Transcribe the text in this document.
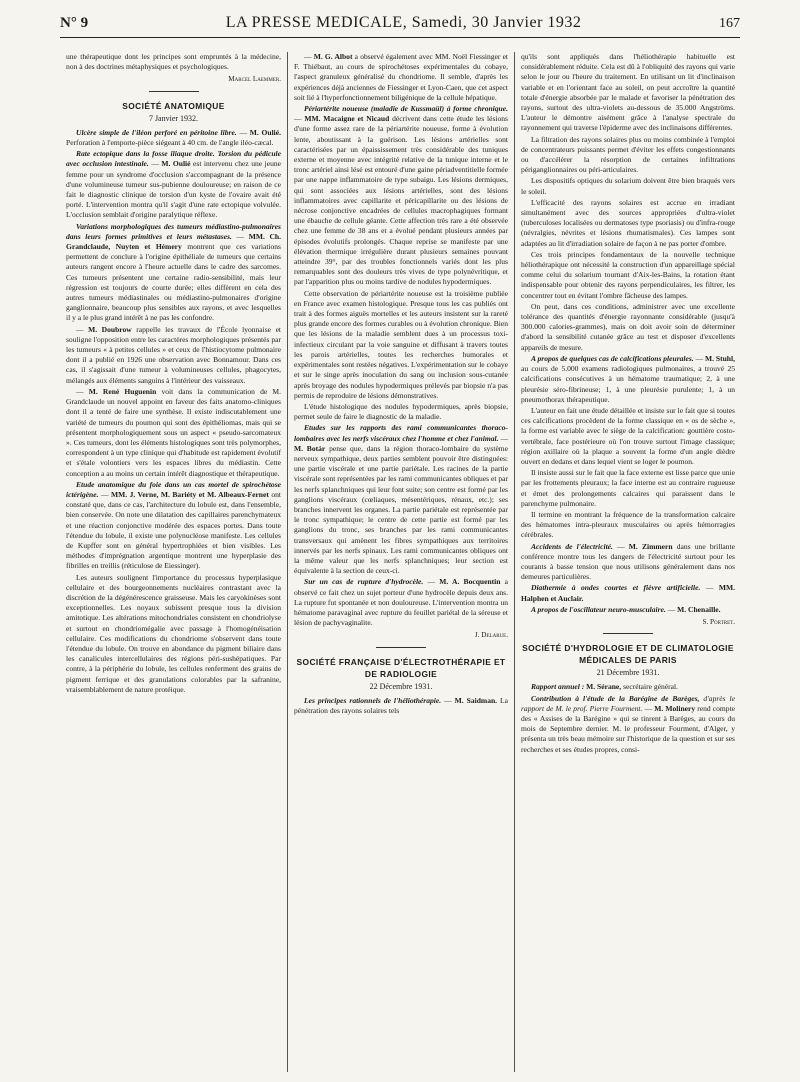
N° 9	LA PRESSE MEDICALE, Samedi, 30 Janvier 1932	167

une thérapeutique dont les principes sont empruntés à la médecine, non à des doctrines métaphysiques et psychologiques.

Marcel Laemmer.
SOCIÉTÉ ANATOMIQUE
7 Janvier 1932.

Ulcère simple de l'iléon perforé en péritoine libre. — M. Oulié. Perforation à l'emporte-pièce siégeant à 40 cm. de l'angle iléo-cæcal.

Rate ectopique dans la fosse iliaque droite. Torsion du pédicule avec occlusion intestinale. — M. Oulié est intervenu chez une jeune femme pour un syndrome d'occlusion s'accompagnant de la présence d'une volumineuse tumeur sus-pubienne douloureuse; en raison de ce fait le diagnostic clinique de torsion d'un kyste de l'ovaire avait été porté. L'intervention montra qu'il s'agit d'une rate ectopique volvulée. L'occlusion semblait d'origine paralytique réflexe.

Variations morphologiques des tumeurs médiastino-pulmonaires dans leurs formes primitives et leurs métastases. — MM. Ch. Grandclaude, Nuyten et Hémery montrent que ces variations permettent de conclure à l'origine épithéliale de tumeurs que certains auteurs rangent encore à l'heure actuelle dans le cadre des sarcomes. Ces tumeurs présentent une certaine radio-sensibilité, mais leur régression est toujours de courte durée; elles diffèrent en cela des autres tumeurs médiastinales ou médiastino-pulmonaires d'origine ganglionnaire, beaucoup plus sensibles aux rayons, et avec lesquelles il y a le plus grand intérêt à ne pas les confondre.

— M. Doubrow rappelle les travaux de l'École lyonnaise et souligne l'opposition entre les caractères morphologiques présentés par les tumeurs « à petites cellules » et ceux de l'histiocytome pulmonaire dont il a publié en 1926 une observation avec Bonnamour. Dans ces cas, il s'agissait d'une tumeur à volumineuses cellules, phagocytes, mélangés aux éléments sanguins à l'intérieur des vaisseaux.

— M. René Huguenin voit dans la communication de M. Grandclaude un nouvel appoint en faveur des faits anatomo-cliniques dont il a tenté de faire une synthèse. Il existe indiscutablement une variété de tumeurs du poumon qui sont des épithéliomas, mais qui se présentent morphologiquement sous un aspect « pseudo-sarcomateux ». Ces tumeurs, dont les éléments histologiques sont très polymorphes, correspondent à un type clinique qui d'habitude est rapidement évolutif et s'étale volontiers vers les espaces libres du médiastin. Cette conception a au moins un certain intérêt diagnostique et thérapeutique.

Etude anatomique du foie dans un cas mortel de spirochétose ictérigène. — MM. J. Verne, M. Bariéty et M. Albeaux-Fernet ont constaté que, dans ce cas, l'architecture du lobule est, dans l'ensemble, bien conservée. On note une dilatation des capillaires parenchymateux et une réaction conjonctive modérée des espaces portes. Dans toute l'étendue du lobule, il existe une polynucléose manifeste. Les cellules de Kupffer sont en général hypertrophiées et bien visibles. Les méthodes d'imprégnation argentique montrent une hyperplasie des fibrilles en treillis (réticulose de Eiessinger).

Les auteurs soulignent l'importance du processus hyperplasique cellulaire et des bourgeonnements nucléaires contrastant avec la discrétion de la dégénérescence graisseuse. Mais les caryokinèses sont exceptionnelles. Les noyaux subissent presque tous la division amitotique. Les altérations mitochondriales consistent en chondriolyse et surtout en chondriomégalie avec passage à l'homogénéisation cellulaire. Ces modifications du chondriome s'observent dans toute l'étendue du lobule. On trouve en abondance du pigment biliaire dans les canalicules intercellulaires des régions péri-sushépatiques. Par contre, à la périphérie du lobule, les cellules renferment des grains de pigment ferrique et des granulations colorables par la safranine, vraisemblablement de nature protéique.

— M. G. Albot a observé également avec MM. Noël Fiessinger et F. Thiébaut, au cours de spirochétoses expérimentales du cobaye, l'aspect granuleux généralisé du chondriome. Il semble, d'après les expériences déjà anciennes de Fiessinger et Lyon-Caen, que cet aspect soit lié à l'hyperfonctionnement biligénique de la cellule hépatique.

Périartérite noueuse (maladie de Kussmaül) à forme chronique. — MM. Macaigne et Nicaud décrivent dans cette étude les lésions d'une forme assez rare de la périartérite noueuse, forme à évolution lente, aboutissant à la guérison. Les lésions artérielles sont caractérisées par un épaississement très considérable des tuniques externe et moyenne avec intégrité relative de la tunique interne et le tronc artériel ainsi lésé est entouré d'une gaine périadventitielle formée par une nappe inflammatoire de type subaigu. Les lésions dermiques, qui sont associées aux lésions artérielles, sont des lésions inflammatoires avec capillarite et péricapillarite ou des lésions de nécrose conjonctive encadrées de cellules macrophagiques formant une ébauche de cellule géante. Cette affection très rare a été observée chez une femme de 38 ans et a évolué pendant plusieurs années par épisodes évolutifs prolongés. Chaque reprise se manifeste par une élévation thermique irrégulière durant plusieurs semaines pouvant atteindre 39°, par des troubles fonctionnels variés dont les plus remarquables sont des douleurs très vives de type polynévritique, et par l'apparition plus ou moins tardive de nodules hypodermiques.

Cette observation de périartérite noueuse est la troisième publiée en France avec examen histologique. Presque tous les cas publiés ont trait à des formes aiguës mortelles et les auteurs insistent sur la rareté plus grande encore des formes curables ou à évolution chronique. Bien que les lésions de la maladie semblent dues à un processus toxi-infectieux circulant par la voie sanguine et diffusant à travers toutes les parois artérielles, toutes les recherches humorales et expérimentales sont restées négatives. L'expérimentation sur le cobaye et sur le singe après inoculation du sang ou inclusion sous-cutanée après broyage des nodules hypodermiques prélevés par biopsie n'a pas permis de reproduire de lésions démonstratives.

L'étude histologique des nodules hypodermiques, après biopsie, permet seule de faire le diagnostic de la maladie.

Etudes sur les rapports des rami communicantes thoraco-lombaires avec les nerfs viscéraux chez l'homme et chez l'animal. — M. Botár pense que, dans la région thoraco-lombaire du système nerveux sympathique, deux parties semblent pouvoir être distinguées: une partie viscérale et une partie pariétale. Les racines de la partie viscérale sont représentées par les rami communicantes obliques et par les nerfs splanchniques qui leur font suite; son centre est formé par les ganglions viscéraux (cœliaques, mésentériques, rénaux, etc.); ses branches innervent les organes. La partie pariétale est représentée par le tronc sympathique; le centre de cette partie est formé par les ganglions du tronc, ses branches par les rami communicantes transversaux qui amènent les fibres sympathiques aux territoires innervés par les nerfs spinaux. Les rami communicantes obliques ont la même valeur que les nerfs splanchniques; leur section est équivalente à la section de ceux-ci.

Sur un cas de rupture d'hydrocèle. — M. A. Bocquentin a observé ce fait chez un sujet porteur d'une hydrocèle depuis deux ans. La rupture fut spontanée et non douloureuse. L'intervention montra un hématome paravaginal avec rupture du feuillet pariétal de la séreuse et lésion de pachyvaginalite.

J. Delarue.
SOCIÉTÉ FRANÇAISE D'ÉLECTROTHÉRAPIE ET DE RADIOLOGIE
22 Décembre 1931.

Les principes rationnels de l'héliothérapie. — M. Saidman. La pénétration des rayons solaires tels

qu'ils sont appliqués dans l'héliothérapie habituelle est considérablement réduite. Cela est dû à l'obliquité des rayons qui varie selon le jour ou l'heure du traitement. En utilisant un lit d'inclinaison variable et en l'orientant face au soleil, on peut accroître la quantité totale d'énergie absorbée par le malade et favoriser la pénétration des rayons, surtout des ultra-violets au-dessous de 35.000 Angströms. L'auteur le démontre aisément grâce à l'analyse spectrale du rayonnement qui traverse l'épiderme avec des inclinaisons différentes.

La filtration des rayons solaires plus ou moins combinée à l'emploi de concentrateurs puissants permet d'éviter les effets congestionnants ou d'accélérer la résorption de certaines infiltrations périganglionnaires ou péri-articulaires.

Les dispositifs optiques du solarium doivent être bien braqués vers le soleil.

L'efficacité des rayons solaires est accrue en irradiant simultanément avec des sources appropriées d'ultra-violet (tuberculoses localisées ou dermatoses type psoriasis) ou d'infra-rouge (névralgies, névrites et lésions rhumatismales). Ces lampes sont adaptées au lit d'irradiation solaire de façon à ne pas porter d'ombre.

Ces trois principes fondamentaux de la nouvelle technique héliothérapique ont nécessité la construction d'un appareillage spécial comme celui du solarium tournant d'Aix-les-Bains, la rotation étant indispensable pour obtenir des rayons perpendiculaires, les filtrer, les concentrer tout en évitant l'ombre fâcheuse des lampes.

On peut, dans ces conditions, administrer avec une excellente tolérance des quantités d'énergie rayonnante considérable (jusqu'à 300.000 calories-grammes), mais on doit avoir soin de déterminer d'abord la sensibilité cutanée grâce au test et disposer d'excellents appareils de mesure.

A propos de quelques cas de calcifications pleurales. — M. Stuhl, au cours de 5.000 examens radiologiques pulmonaires, a trouvé 25 calcifications consécutives à un hématome traumatique; 2, à une pleurésie séro-fibrineuse; 1, à une pleurésie purulente; 1, à un pneumothorax thérapeutique.

L'auteur en fait une étude détaillée et insiste sur le fait que si toutes ces calcifications procèdent de la forme classique en « os de sèche », la forme est variable avec le siège de la calcification: gouttière costo-vertébrale, face postérieure où l'on trouve surtout l'image classique; région axillaire où la plaque a souvent la forme d'un angle dièdre ouvert en dedans et dans lequel vient se loger le poumon.

Il insiste aussi sur le fait que la face externe est lisse parce que unie par les frottements pleuraux; la face interne est au contraire rugueuse et émet des prolongements calcaires qui paraissent dans le parenchyme pulmonaire.

Il termine en montrant la fréquence de la transformation calcaire des hématomes intra-pleuraux musculaires ou après hémorragies cérébrales.

Accidents de l'électricité. — M. Zimmern dans une brillante conférence montre tous les dangers de l'électricité surtout pour les courants à basse tension que nous utilisons généralement dans nos demeures particulières.

Diathermie à ondes courtes et fièvre artificielle. — MM. Halphen et Auclair.

A propos de l'oscillateur neuro-musculaire. — M. Chenaille.

S. Portret.
SOCIÉTÉ D'HYDROLOGIE ET DE CLIMATOLOGIE MÉDICALES DE PARIS
21 Décembre 1931.

Rapport annuel : M. Sérane, secrétaire général.

Contribution à l'étude de la Barégine de Barèges, d'après le rapport de M. le prof. Pierre Fourment. — M. Molinery rend compte des « Assises de la Barégine » qui se tinrent à Barèges, au cours du mois de Septembre dernier. M. le professeur Fourment, d'Alger, y présenta un très beau mémoire sur l'historique de la question et sur ses recherches et ses études propres, consi-
